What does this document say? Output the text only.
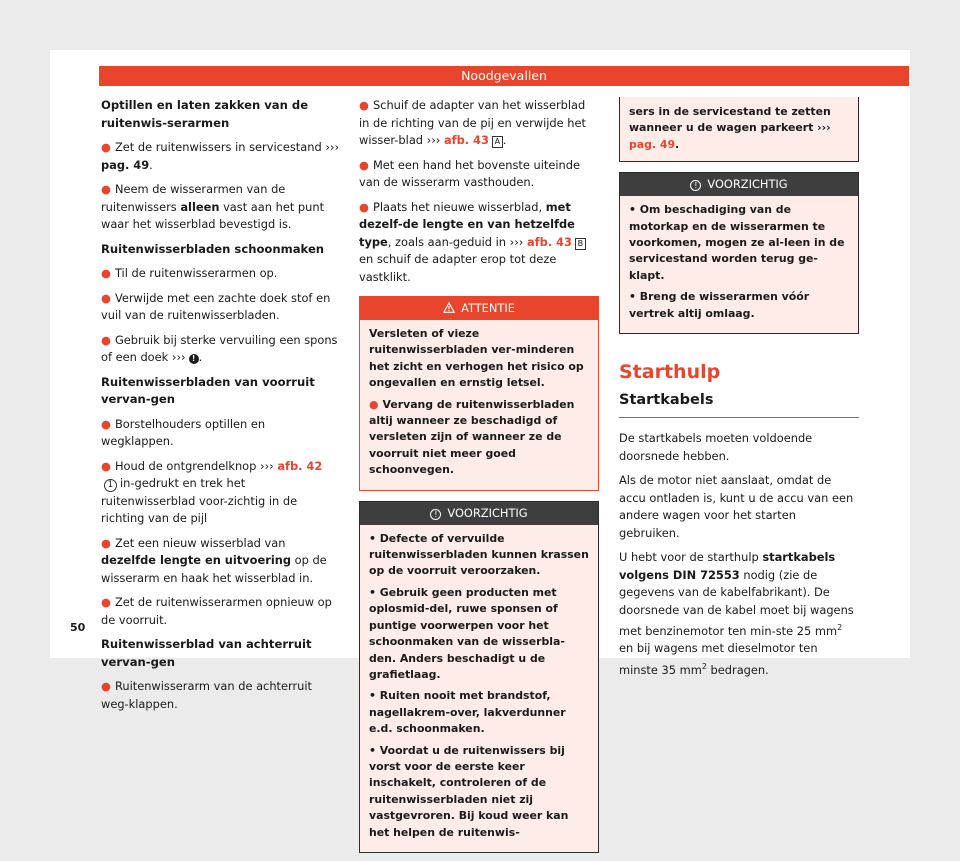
Noodgevallen

Optillen en laten zakken van de ruitenwis-serarmen

● Zet de ruitenwissers in servicestand ››› pag. 49.

● Neem de wisserarmen van de ruitenwissers alleen vast aan het punt waar het wisserblad bevestigd is.

Ruitenwisserbladen schoonmaken

● Til de ruitenwisserarmen op.

● Verwijde met een zachte doek stof en vuil van de ruitenwisserbladen.

● Gebruik bij sterke vervuiling een spons of een doek ››› ! .

Ruitenwisserbladen van voorruit vervan-gen

● Borstelhouders optillen en wegklappen.

● Houd de ontgrendelknop ››› afb. 421 in-gedrukt en trek het ruitenwisserblad voor-zichtig in de richting van de pijl

● Zet een nieuw wisserblad van dezelfde lengte en uitvoering op de wisserarm en haak het wisserblad in.

● Zet de ruitenwisserarmen opnieuw op de voorruit.

Ruitenwisserblad van achterruit vervan-gen

● Ruitenwisserarm van de achterruit weg-klappen.

● Schuif de adapter van het wisserblad in de richting van de pij en verwijde het wisser-blad ››› afb. 43 A .

● Met een hand het bovenste uiteinde van de wisserarm vasthouden.

● Plaats het nieuwe wisserblad, met dezelf-de lengte en van hetzelfde type, zoals aan-geduid in ››› afb. 43 B en schuif de adapter erop tot deze vastklikt.

ATTENTIE

Versleten of vieze ruitenwisserbladen ver-minderen het zicht en verhogen het risico op ongevallen en ernstig letsel.

● Vervang de ruitenwisserbladen altij wanneer ze beschadigd of versleten zijn of wanneer ze de voorruit niet meer goed schoonvegen.

! VOORZICHTIG

• Defecte of vervuilde ruitenwisserbladen kunnen krassen op de voorruit veroorzaken.

• Gebruik geen producten met oplosmid-del, ruwe sponsen of puntige voorwerpen voor het schoonmaken van de wisserbla-den. Anders beschadigt u de grafietlaag.

• Ruiten nooit met brandstof, nagellakrem-over, lakverdunner e.d. schoonmaken.

• Voordat u de ruitenwissers bij vorst voor de eerste keer inschakelt, controleren of de ruitenwisserbladen niet zij vastgevroren. Bij koud weer kan het helpen de ruitenwis-

sers in de servicestand te zetten wanneer u de wagen parkeert ››› pag. 49.

! VOORZICHTIG

• Om beschadiging van de motorkap en de wisserarmen te voorkomen, mogen ze al-leen in de servicestand worden terug ge-klapt.

• Breng de wisserarmen vóór vertrek altij omlaag.

Starthulp
Startkabels

De startkabels moeten voldoende doorsnede hebben.

Als de motor niet aanslaat, omdat de accu ontladen is, kunt u de accu van een andere wagen voor het starten gebruiken.

U hebt voor de starthulp startkabels volgens DIN 72553 nodig (zie de gegevens van de kabelfabrikant). De doorsnede van de kabel moet bij wagens met benzinemotor ten min-ste 25 $mm^2$ en bij wagens met dieselmotor ten minste 35 $mm^2$ bedragen.

50
